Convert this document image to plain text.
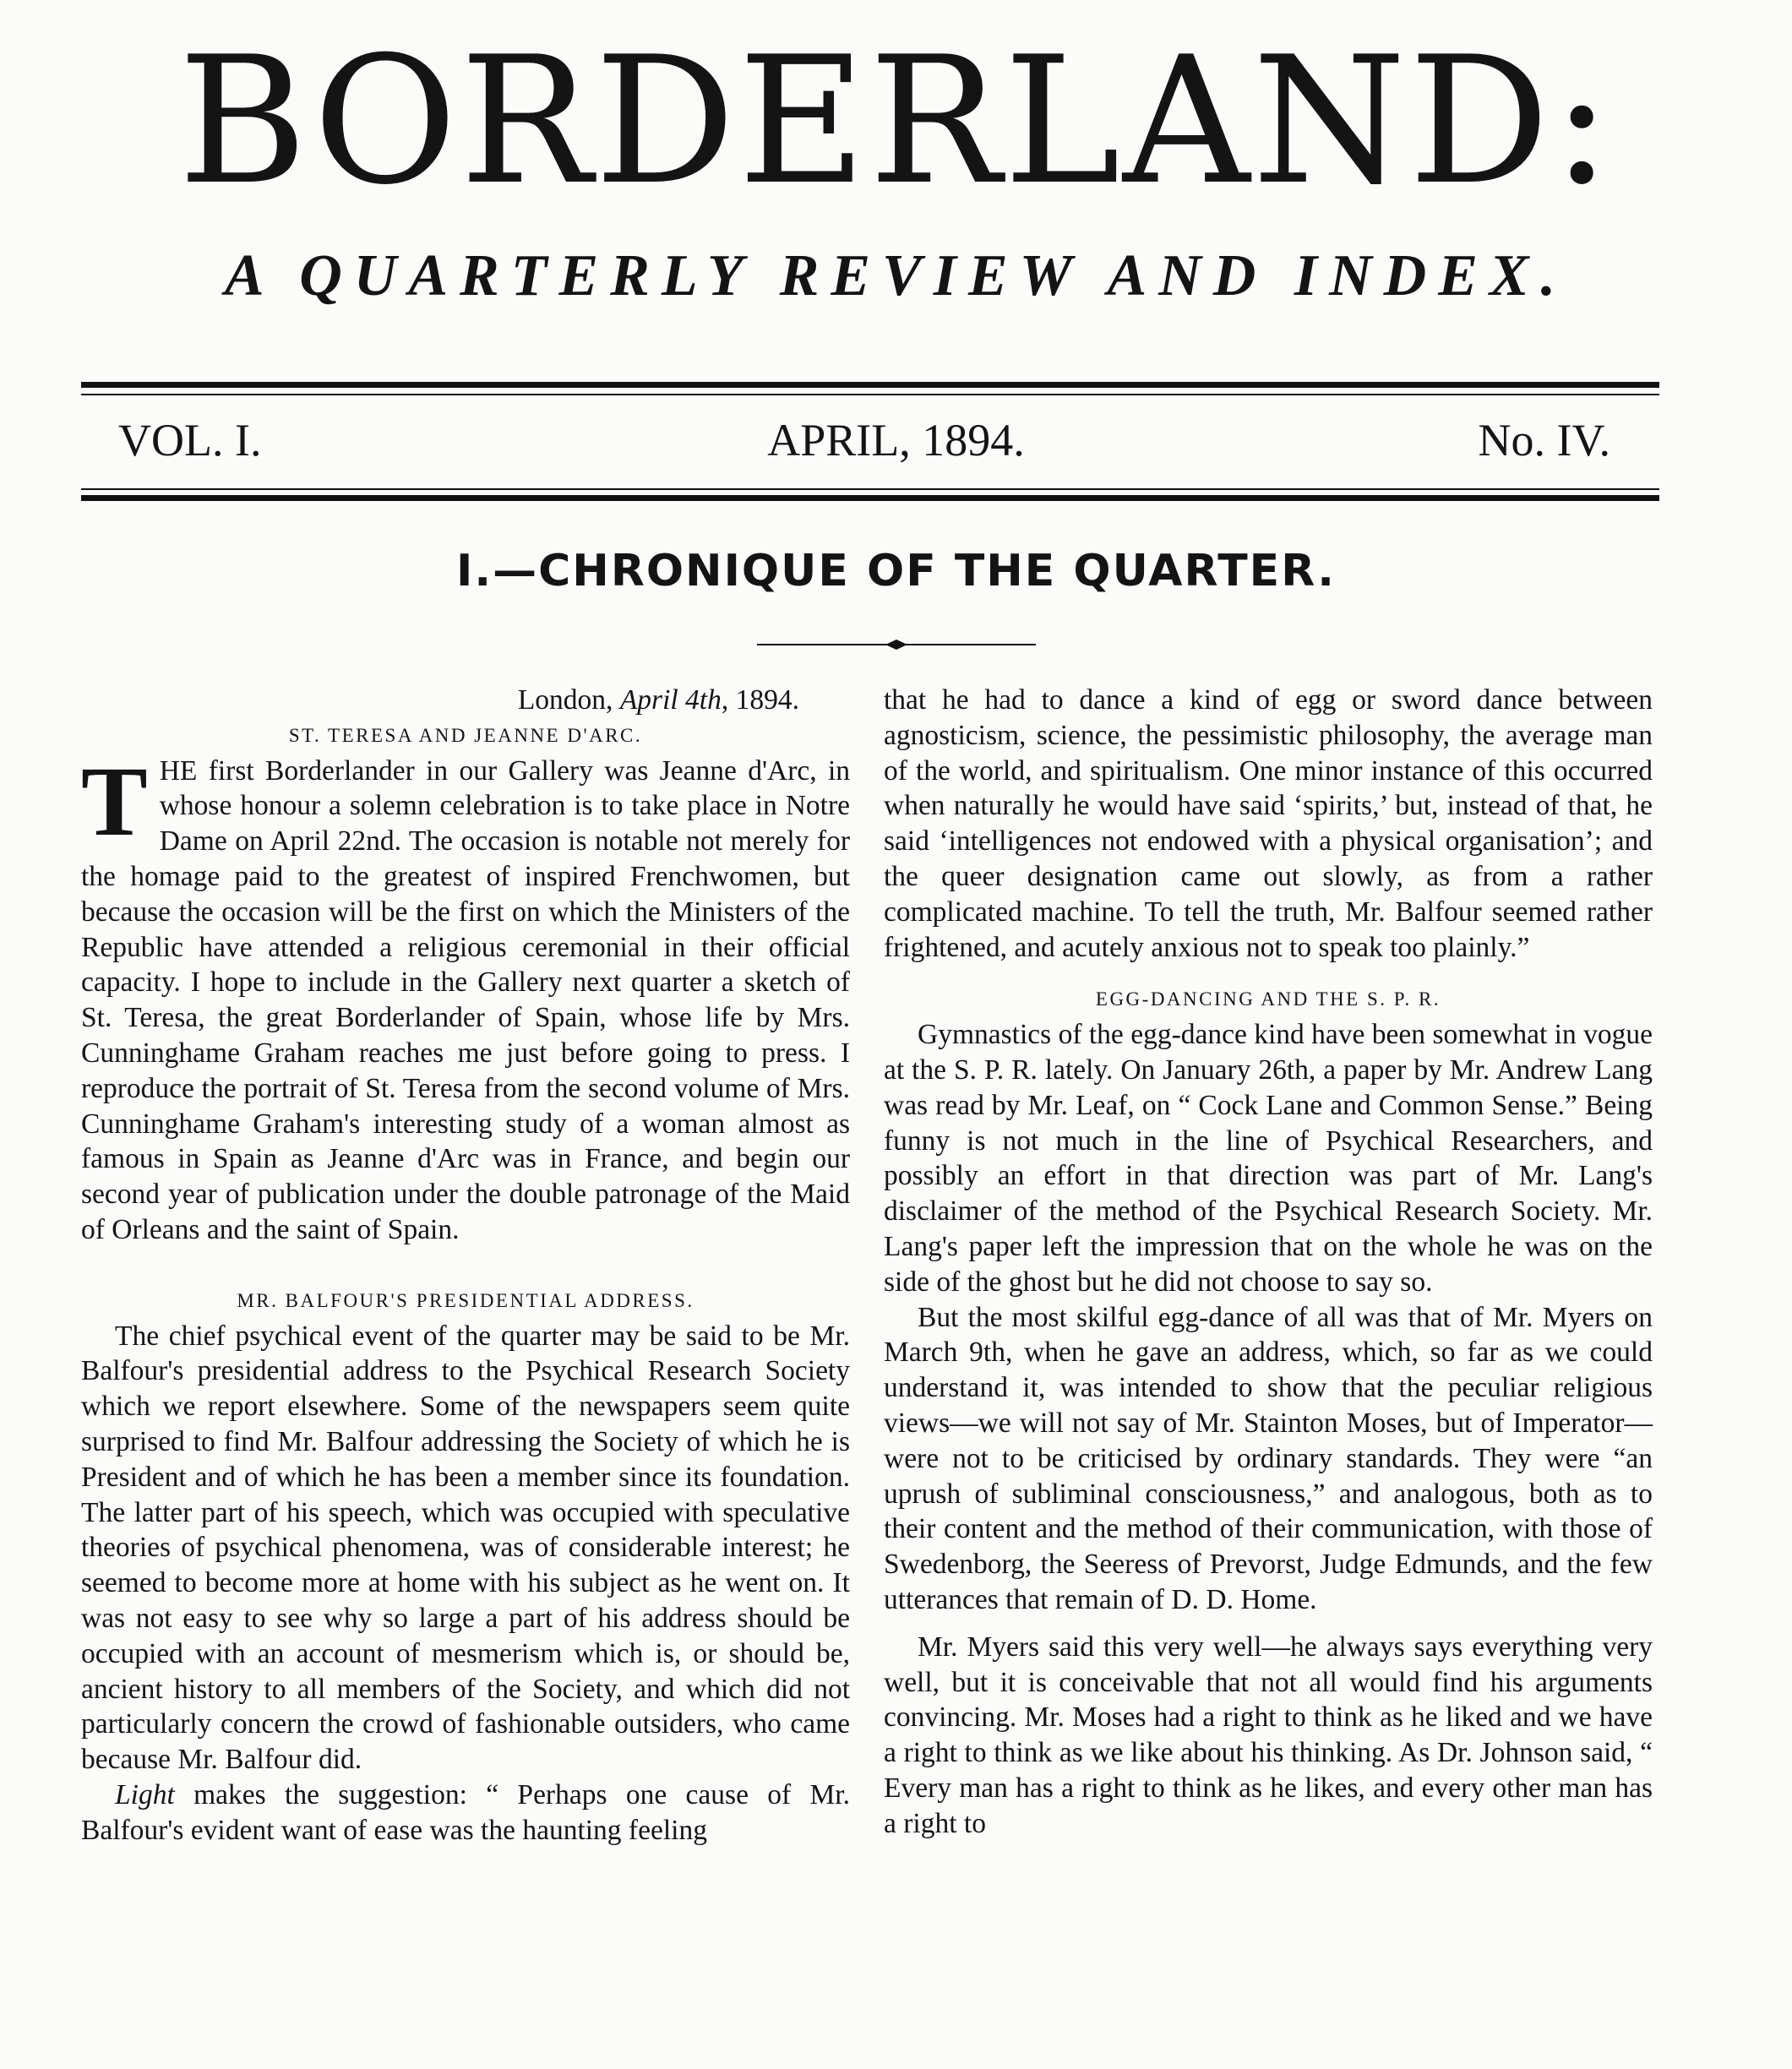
BORDERLAND:
A QUARTERLY REVIEW AND INDEX.
VOL. I.	APRIL, 1894.	No. IV.
I.—CHRONIQUE OF THE QUARTER.

London, April 4th, 1894.

ST. TERESA AND JEANNE D'ARC.

THE first Borderlander in our Gallery was Jeanne d'Arc, in whose honour a solemn celebration is to take place in Notre Dame on April 22nd. The occasion is notable not merely for the homage paid to the greatest of inspired Frenchwomen, but because the occasion will be the first on which the Ministers of the Republic have attended a religious ceremonial in their official capacity. I hope to include in the Gallery next quarter a sketch of St. Teresa, the great Borderlander of Spain, whose life by Mrs. Cunninghame Graham reaches me just before going to press. I reproduce the portrait of St. Teresa from the second volume of Mrs. Cunninghame Graham's interesting study of a woman almost as famous in Spain as Jeanne d'Arc was in France, and begin our second year of publication under the double patronage of the Maid of Orleans and the saint of Spain.

MR. BALFOUR'S PRESIDENTIAL ADDRESS.

The chief psychical event of the quarter may be said to be Mr. Balfour's presidential address to the Psychical Research Society which we report elsewhere. Some of the newspapers seem quite surprised to find Mr. Balfour addressing the Society of which he is President and of which he has been a member since its foundation. The latter part of his speech, which was occupied with speculative theories of psychical phenomena, was of considerable interest; he seemed to become more at home with his subject as he went on. It was not easy to see why so large a part of his address should be occupied with an account of mesmerism which is, or should be, ancient history to all members of the Society, and which did not particularly concern the crowd of fashionable outsiders, who came because Mr. Balfour did.

Light makes the suggestion: “ Perhaps one cause of Mr. Balfour's evident want of ease was the haunting feeling

that he had to dance a kind of egg or sword dance between agnosticism, science, the pessimistic philosophy, the average man of the world, and spiritualism. One minor instance of this occurred when naturally he would have said ‘spirits,’ but, instead of that, he said ‘intelligences not endowed with a physical organisation’; and the queer designation came out slowly, as from a rather complicated machine. To tell the truth, Mr. Balfour seemed rather frightened, and acutely anxious not to speak too plainly.”

EGG-DANCING AND THE S. P. R.

Gymnastics of the egg-dance kind have been somewhat in vogue at the S. P. R. lately. On January 26th, a paper by Mr. Andrew Lang was read by Mr. Leaf, on “ Cock Lane and Common Sense.” Being funny is not much in the line of Psychical Researchers, and possibly an effort in that direction was part of Mr. Lang's disclaimer of the method of the Psychical Research Society. Mr. Lang's paper left the impression that on the whole he was on the side of the ghost but he did not choose to say so.

But the most skilful egg-dance of all was that of Mr. Myers on March 9th, when he gave an address, which, so far as we could understand it, was intended to show that the peculiar religious views—we will not say of Mr. Stainton Moses, but of Imperator—were not to be criticised by ordinary standards. They were “an uprush of subliminal consciousness,” and analogous, both as to their content and the method of their communication, with those of Swedenborg, the Seeress of Prevorst, Judge Edmunds, and the few utterances that remain of D. D. Home.

Mr. Myers said this very well—he always says everything very well, but it is conceivable that not all would find his arguments convincing. Mr. Moses had a right to think as he liked and we have a right to think as we like about his thinking. As Dr. Johnson said, “ Every man has a right to think as he likes, and every other man has a right to
